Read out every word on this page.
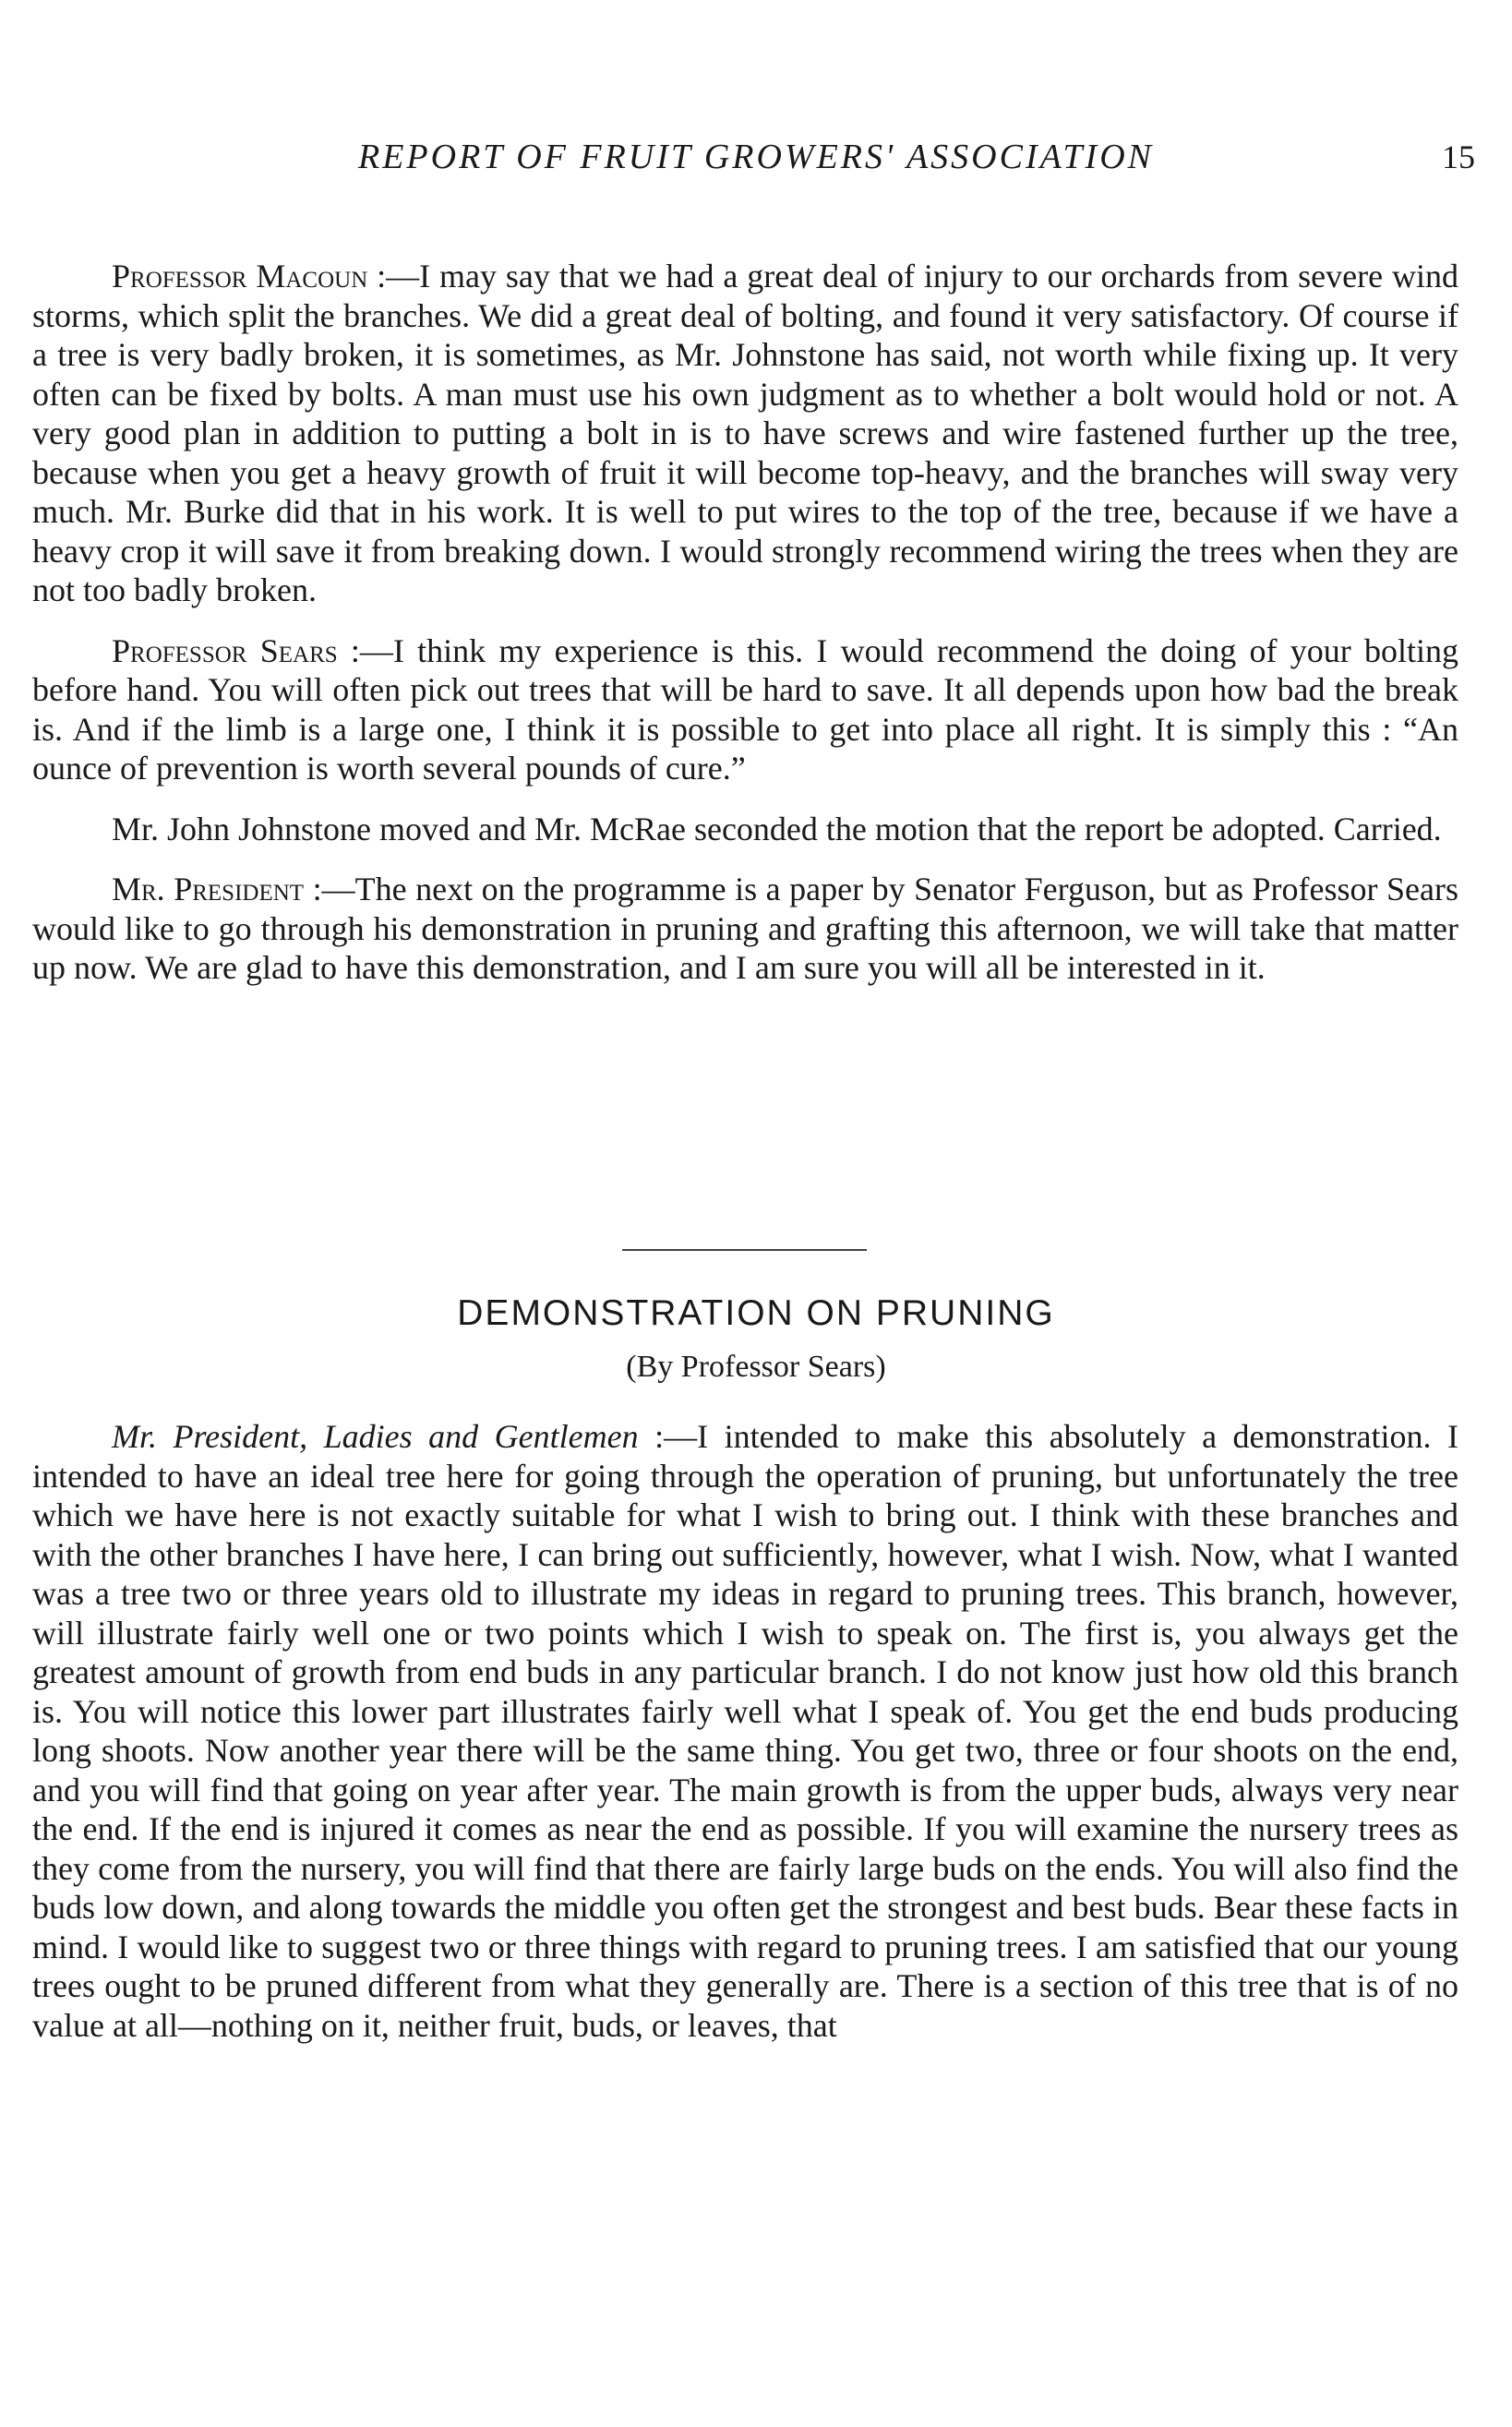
REPORT OF FRUIT GROWERS' ASSOCIATION	15

Professor Macoun :—I may say that we had a great deal of injury to our orchards from severe wind storms, which split the branches. We did a great deal of bolting, and found it very satisfactory. Of course if a tree is very badly broken, it is sometimes, as Mr. Johnstone has said, not worth while fixing up. It very often can be fixed by bolts. A man must use his own judgment as to whether a bolt would hold or not. A very good plan in addition to putting a bolt in is to have screws and wire fastened further up the tree, because when you get a heavy growth of fruit it will become top-heavy, and the branches will sway very much. Mr. Burke did that in his work. It is well to put wires to the top of the tree, because if we have a heavy crop it will save it from breaking down. I would strongly recommend wiring the trees when they are not too badly broken.

Professor Sears :—I think my experience is this. I would recommend the doing of your bolting before hand. You will often pick out trees that will be hard to save. It all depends upon how bad the break is. And if the limb is a large one, I think it is possible to get into place all right. It is simply this : “An ounce of prevention is worth several pounds of cure.”

Mr. John Johnstone moved and Mr. McRae seconded the motion that the report be adopted. Carried.

Mr. President :—The next on the programme is a paper by Senator Ferguson, but as Professor Sears would like to go through his demonstration in pruning and grafting this afternoon, we will take that matter up now. We are glad to have this demonstration, and I am sure you will all be interested in it.

DEMONSTRATION ON PRUNING
(By Professor Sears)

Mr. President, Ladies and Gentlemen :—I intended to make this absolutely a demonstration. I intended to have an ideal tree here for going through the operation of pruning, but unfortunately the tree which we have here is not exactly suitable for what I wish to bring out. I think with these branches and with the other branches I have here, I can bring out sufficiently, however, what I wish. Now, what I wanted was a tree two or three years old to illustrate my ideas in regard to pruning trees. This branch, however, will illustrate fairly well one or two points which I wish to speak on. The first is, you always get the greatest amount of growth from end buds in any particular branch. I do not know just how old this branch is. You will notice this lower part illustrates fairly well what I speak of. You get the end buds producing long shoots. Now another year there will be the same thing. You get two, three or four shoots on the end, and you will find that going on year after year. The main growth is from the upper buds, always very near the end. If the end is injured it comes as near the end as possible. If you will examine the nursery trees as they come from the nursery, you will find that there are fairly large buds on the ends. You will also find the buds low down, and along towards the middle you often get the strongest and best buds. Bear these facts in mind. I would like to suggest two or three things with regard to pruning trees. I am satisfied that our young trees ought to be pruned different from what they generally are. There is a section of this tree that is of no value at all—nothing on it, neither fruit, buds, or leaves, that
